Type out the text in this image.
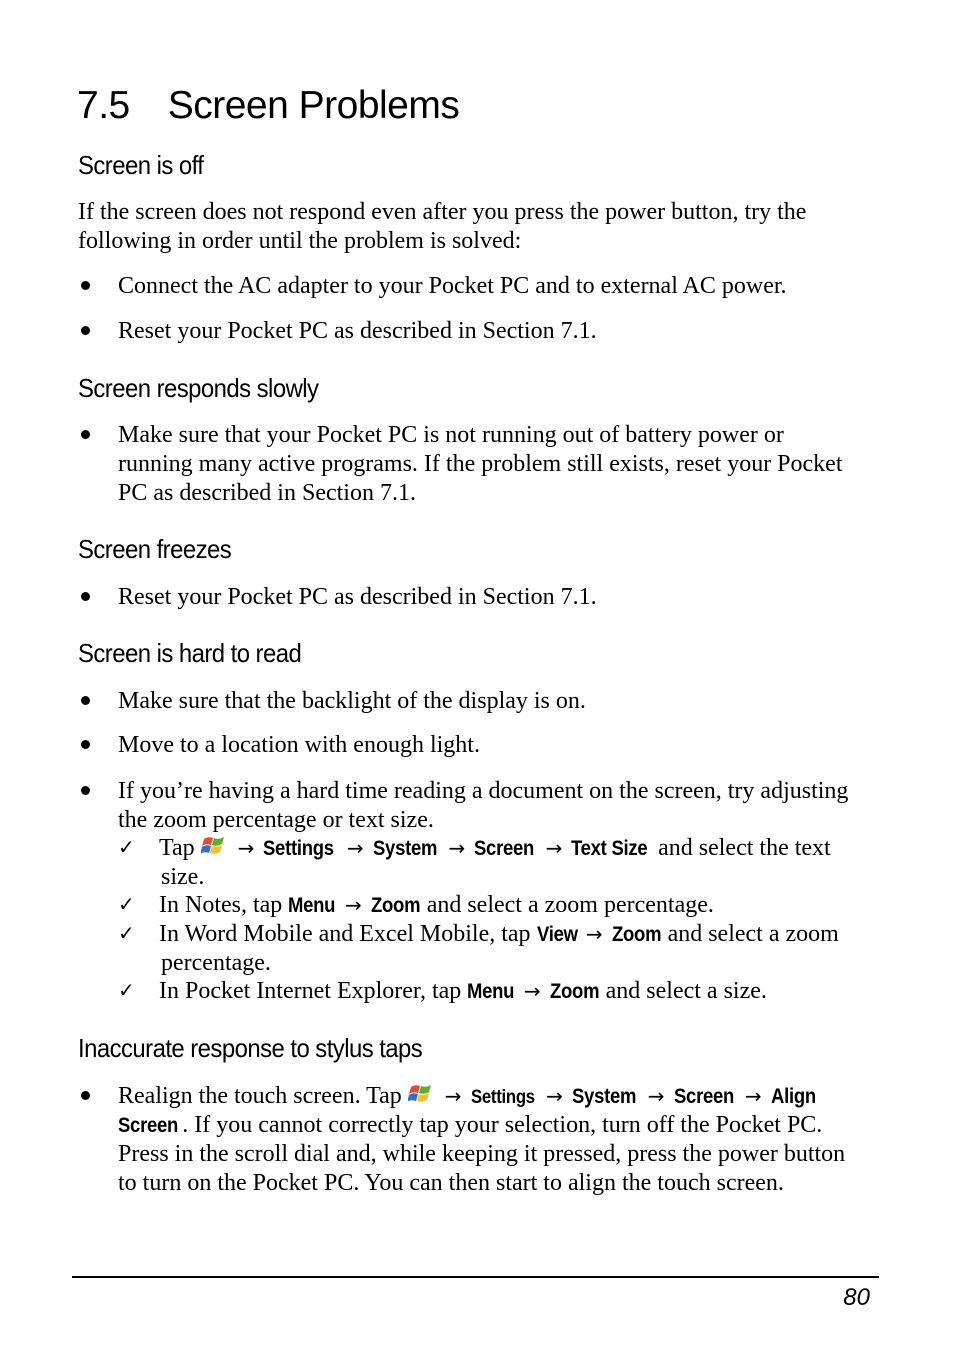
7.5 Screen Problems
Screen is off
If the screen does not respond even after you press the power button, try the
following in order until the problem is solved:
Connect the AC adapter to your Pocket PC and to external AC power.
Reset your Pocket PC as described in Section 7.1.
Screen responds slowly
Make sure that your Pocket PC is not running out of battery power or
running many active programs. If the problem still exists, reset your Pocket
PC as described in Section 7.1.
Screen freezes
Reset your Pocket PC as described in Section 7.1.
Screen is hard to read
Make sure that the backlight of the display is on.
Move to a location with enough light.
If you’re having a hard time reading a document on the screen, try adjusting
the zoom percentage or text size.
✓ Tap → Settings → System → Screen → Text Size and select the text
size.
✓ In Notes, tap Menu → Zoom and select a zoom percentage.
✓ In Word Mobile and Excel Mobile, tap View → Zoom and select a zoom
percentage.
✓ In Pocket Internet Explorer, tap Menu → Zoom and select a size.
Inaccurate response to stylus taps
Realign the touch screen. Tap → Settings → System → Screen → Align
Screen . If you cannot correctly tap your selection, turn off the Pocket PC.
Press in the scroll dial and, while keeping it pressed, press the power button
to turn on the Pocket PC. You can then start to align the touch screen.
80
